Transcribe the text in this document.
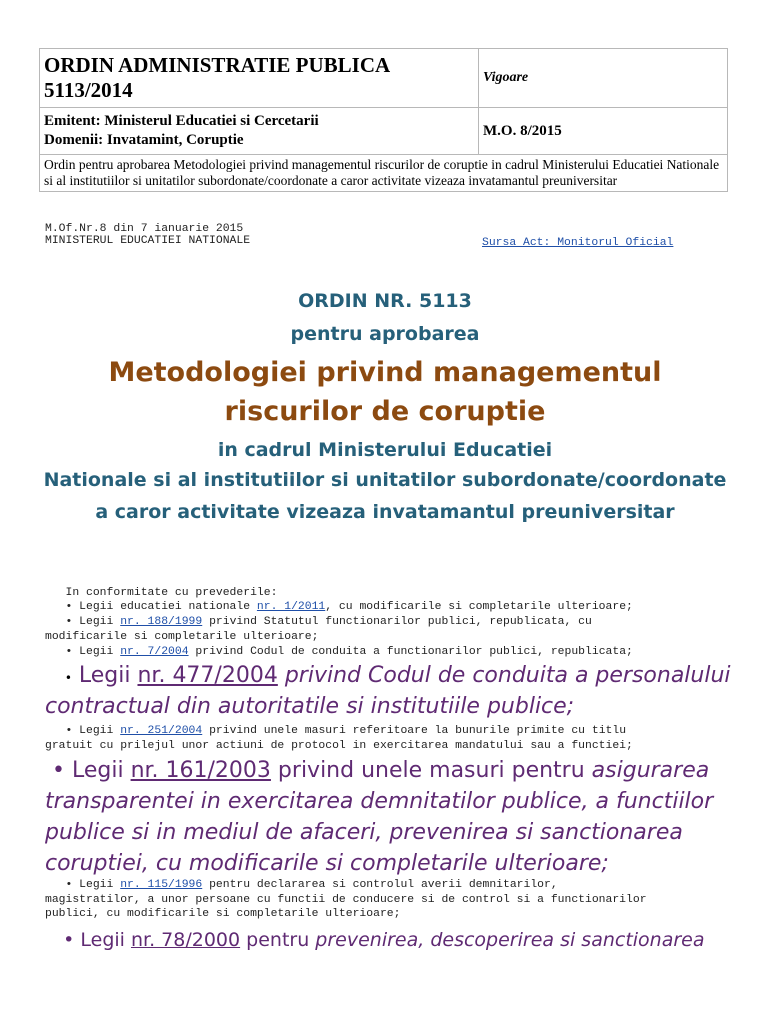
ORDIN ADMINISTRATIE PUBLICA
5113/2014	Vigoare

Emitent: Ministerul Educatiei si Cercetarii
Domenii: Invatamint, Coruptie	M.O. 8/2015
Ordin pentru aprobarea Metodologiei privind managementul riscurilor de coruptie in cadrul Ministerului Educatiei Nationale si al institutiilor si unitatilor subordonate/coordonate a caror activitate vizeaza invatamantul preuniversitar	
M.Of.Nr.8 din 7 ianuarie 2015
MINISTERUL EDUCATIEI NATIONALE	Sursa Act: Monitorul Oficial
ORDIN NR. 5113
pentru aprobarea
Metodologiei privind managementul
riscurilor de coruptie
in cadrul Ministerului Educatiei
Nationale si al institutiilor si unitatilor subordonate/coordonate
a caror activitate vizeaza invatamantul preuniversitar
In conformitate cu prevederile:
• Legii educatiei nationale nr. 1/2011, cu modificarile si completarile ulterioare;
• Legii nr. 188/1999 privind Statutul functionarilor publici, republicata, cu
modificarile si completarile ulterioare;
• Legii nr. 7/2004 privind Codul de conduita a functionarilor publici, republicata;
• Legii nr. 477/2004 privind Codul de conduita a personalului
contractual din autoritatile si institutiile publice;
• Legii nr. 251/2004 privind unele masuri referitoare la bunurile primite cu titlu
gratuit cu prilejul unor actiuni de protocol in exercitarea mandatului sau a functiei;
• Legii nr. 161/2003 privind unele masuri pentru asigurarea
transparentei in exercitarea demnitatilor publice, a functiilor
publice si in mediul de afaceri, prevenirea si sanctionarea
coruptiei, cu modificarile si completarile ulterioare;
• Legii nr. 115/1996 pentru declararea si controlul averii demnitarilor,
magistratilor, a unor persoane cu functii de conducere si de control si a functionarilor
publici, cu modificarile si completarile ulterioare;
• Legii nr. 78/2000 pentru prevenirea, descoperirea si sanctionarea
